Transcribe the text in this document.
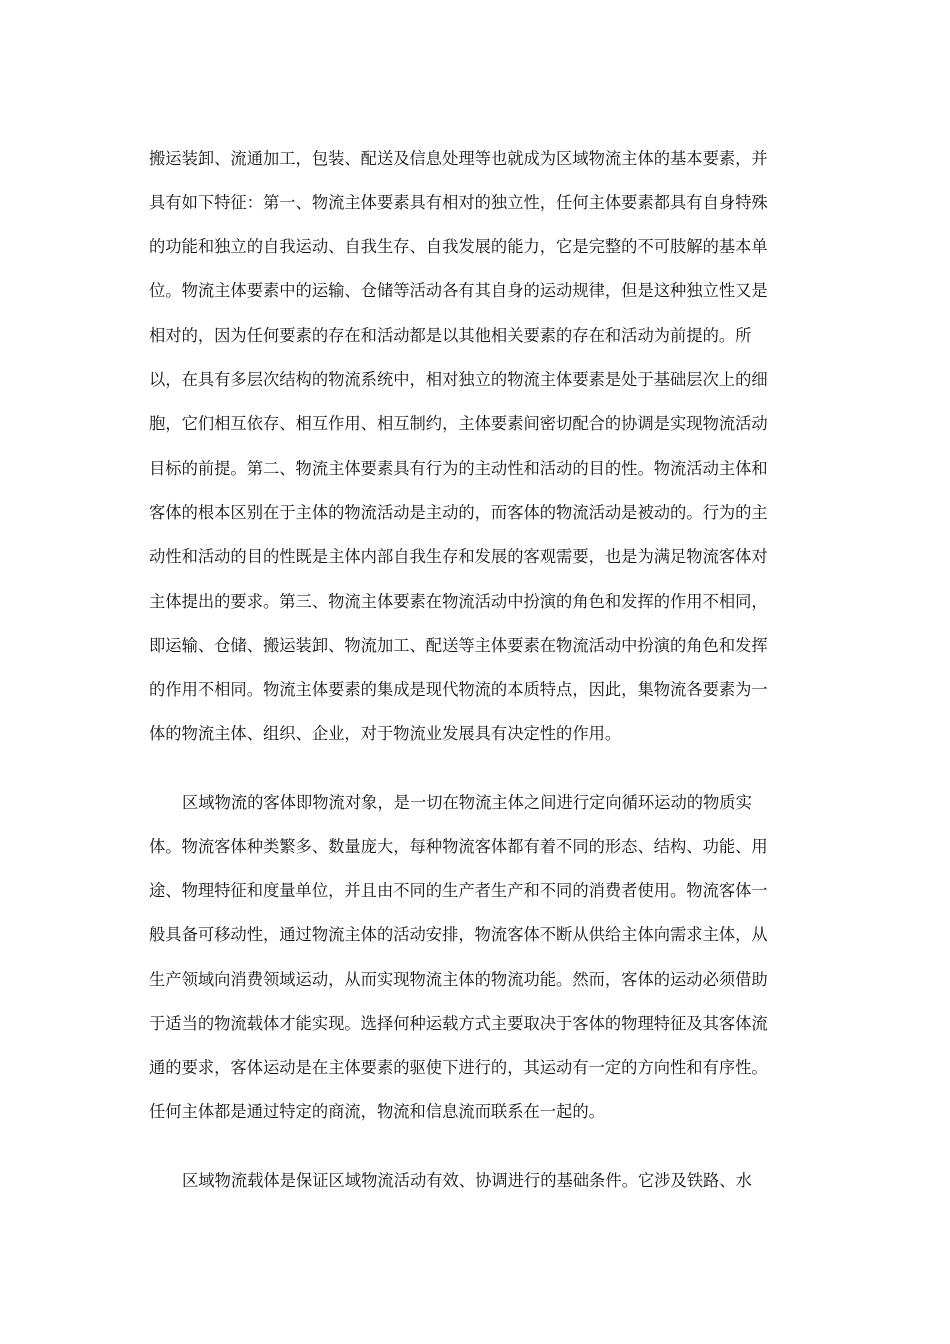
搬运装卸、流通加工，包装、配送及信息处理等也就成为区域物流主体的基本要素，并

具有如下特征：第一、物流主体要素具有相对的独立性，任何主体要素都具有自身特殊

的功能和独立的自我运动、自我生存、自我发展的能力，它是完整的不可肢解的基本单

位。物流主体要素中的运输、仓储等活动各有其自身的运动规律，但是这种独立性又是

相对的，因为任何要素的存在和活动都是以其他相关要素的存在和活动为前提的。所

以，在具有多层次结构的物流系统中，相对独立的物流主体要素是处于基础层次上的细

胞，它们相互依存、相互作用、相互制约，主体要素间密切配合的协调是实现物流活动

目标的前提。第二、物流主体要素具有行为的主动性和活动的目的性。物流活动主体和

客体的根本区别在于主体的物流活动是主动的，而客体的物流活动是被动的。行为的主

动性和活动的目的性既是主体内部自我生存和发展的客观需要，也是为满足物流客体对

主体提出的要求。第三、物流主体要素在物流活动中扮演的角色和发挥的作用不相同，

即运输、仓储、搬运装卸、物流加工、配送等主体要素在物流活动中扮演的角色和发挥

的作用不相同。物流主体要素的集成是现代物流的本质特点，因此，集物流各要素为一

体的物流主体、组织、企业，对于物流业发展具有决定性的作用。

区域物流的客体即物流对象，是一切在物流主体之间进行定向循环运动的物质实

体。物流客体种类繁多、数量庞大，每种物流客体都有着不同的形态、结构、功能、用

途、物理特征和度量单位，并且由不同的生产者生产和不同的消费者使用。物流客体一

般具备可移动性，通过物流主体的活动安排，物流客体不断从供给主体向需求主体，从

生产领域向消费领域运动，从而实现物流主体的物流功能。然而，客体的运动必须借助

于适当的物流载体才能实现。选择何种运载方式主要取决于客体的物理特征及其客体流

通的要求，客体运动是在主体要素的驱使下进行的，其运动有一定的方向性和有序性。

任何主体都是通过特定的商流，物流和信息流而联系在一起的。

区域物流载体是保证区域物流活动有效、协调进行的基础条件。它涉及铁路、水
